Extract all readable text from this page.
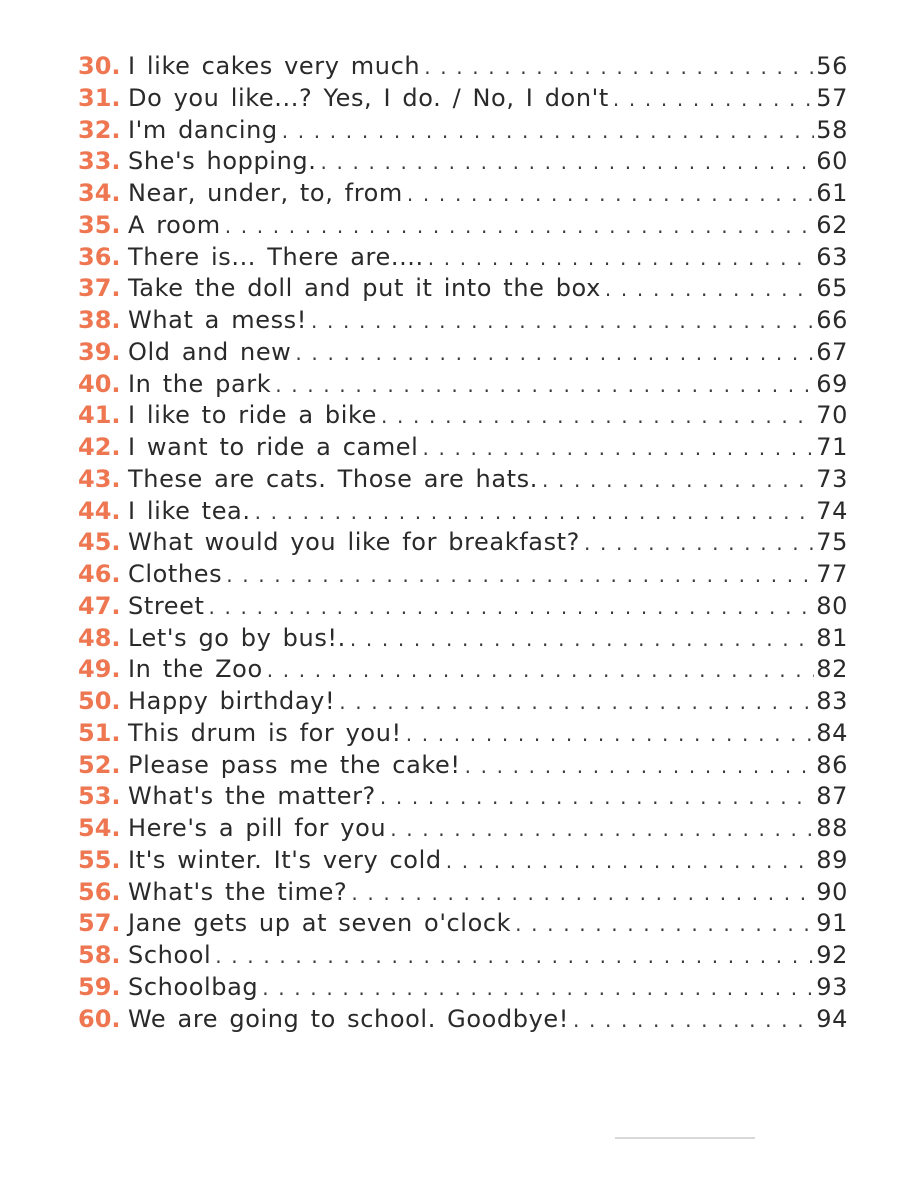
30. I like cakes very much . . .	56
31. Do you like...? Yes, I do. / No, I don't . . .	57
32. I'm dancing . . .	58
33. She's hopping. . . .	60
34. Near, under, to, from . . .	61
35. A room . . .	62
36. There is... There are.... . . .	63
37. Take the doll and put it into the box . . .	65
38. What a mess! . . .	66
39. Old and new . . .	67
40. In the park . . .	69
41. I like to ride a bike . . .	70
42. I want to ride a camel . . .	71
43. These are cats. Those are hats. . . .	73
44. I like tea. . . .	74
45. What would you like for breakfast? . . .	75
46. Clothes . . .	77
47. Street . . .	80
48. Let's go by bus!. . . .	81
49. In the Zoo . . .	82
50. Happy birthday! . . .	83
51. This drum is for you! . . .	84
52. Please pass me the cake! . . .	86
53. What's the matter? . . .	87
54. Here's a pill for you . . .	88
55. It's winter. It's very cold . . .	89
56. What's the time? . . .	90
57. Jane gets up at seven o'clock . . .	91
58. School . . .	92
59. Schoolbag . . .	93
60. We are going to school. Goodbye! . . .	94
